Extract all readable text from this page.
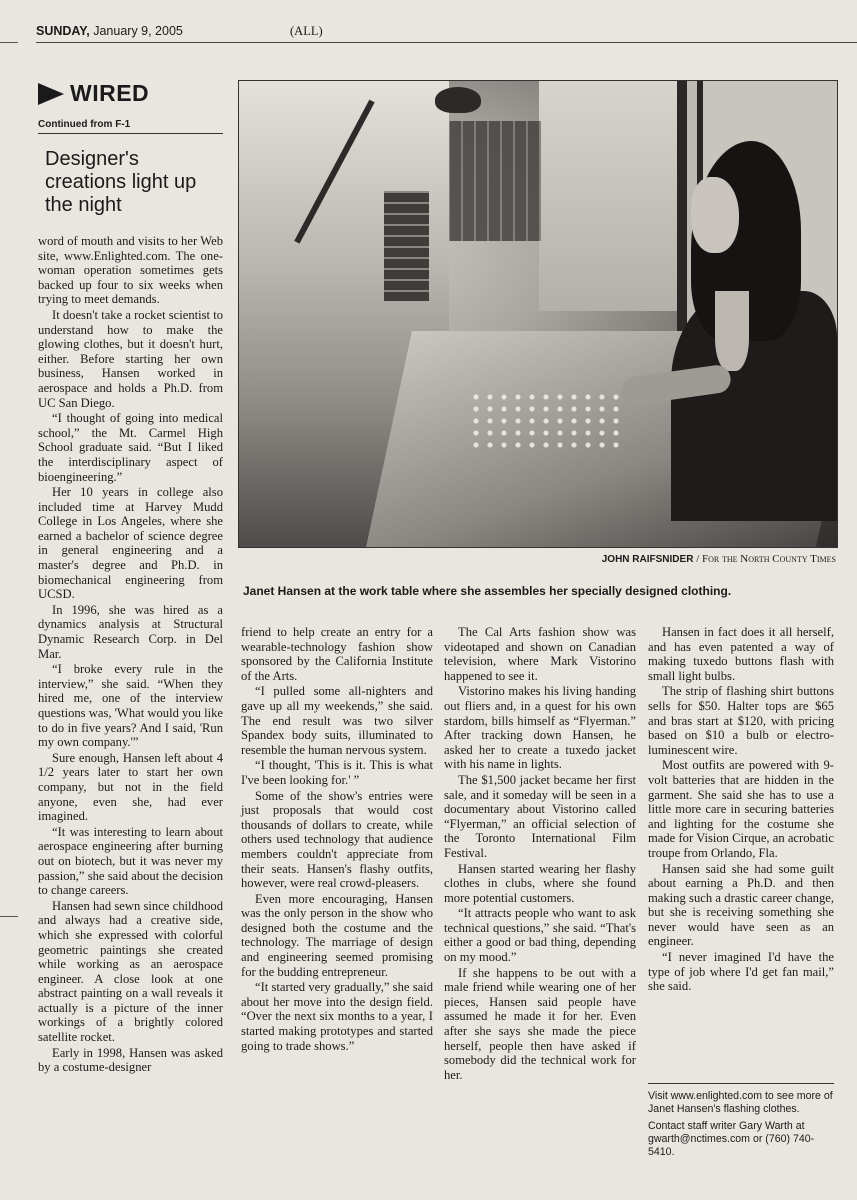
SUNDAY, January 9, 2005	(ALL)
WIRED
Continued from F-1
Designer's creations light up the night
JOHN RAIFSNIDER / For the North County Times
Janet Hansen at the work table where she assembles her specially designed clothing.

word of mouth and visits to her Web site, www.Enlighted.com. The one-woman operation sometimes gets backed up four to six weeks when trying to meet demands.

It doesn't take a rocket scientist to understand how to make the glowing clothes, but it doesn't hurt, either. Before starting her own business, Hansen worked in aerospace and holds a Ph.D. from UC San Diego.

“I thought of going into medical school,” the Mt. Carmel High School graduate said. “But I liked the interdisciplinary aspect of bioengineering.”

Her 10 years in college also included time at Harvey Mudd College in Los Angeles, where she earned a bachelor of science degree in general engineering and a master's degree and Ph.D. in biomechanical engineering from UCSD.

In 1996, she was hired as a dynamics analysis at Structural Dynamic Research Corp. in Del Mar.

“I broke every rule in the interview,” she said. “When they hired me, one of the interview questions was, 'What would you like to do in five years? And I said, 'Run my own company.'”

Sure enough, Hansen left about 4 1/2 years later to start her own company, but not in the field anyone, even she, had ever imagined.

“It was interesting to learn about aerospace engineering after burning out on biotech, but it was never my passion,” she said about the decision to change careers.

Hansen had sewn since childhood and always had a creative side, which she expressed with colorful geometric paintings she created while working as an aerospace engineer. A close look at one abstract painting on a wall reveals it actually is a picture of the inner workings of a brightly colored satellite rocket.

Early in 1998, Hansen was asked by a costume-designer

friend to help create an entry for a wearable-technology fashion show sponsored by the California Institute of the Arts.

“I pulled some all-nighters and gave up all my weekends,” she said. The end result was two silver Spandex body suits, illuminated to resemble the human nervous system.

“I thought, 'This is it. This is what I've been looking for.' ”

Some of the show's entries were just proposals that would cost thousands of dollars to create, while others used technology that audience members couldn't appreciate from their seats. Hansen's flashy outfits, however, were real crowd-pleasers.

Even more encouraging, Hansen was the only person in the show who designed both the costume and the technology. The marriage of design and engineering seemed promising for the budding entrepreneur.

“It started very gradually,” she said about her move into the design field. “Over the next six months to a year, I started making prototypes and started going to trade shows.”

The Cal Arts fashion show was videotaped and shown on Canadian television, where Mark Vistorino happened to see it.

Vistorino makes his living handing out fliers and, in a quest for his own stardom, bills himself as “Flyerman.” After tracking down Hansen, he asked her to create a tuxedo jacket with his name in lights.

The $1,500 jacket became her first sale, and it someday will be seen in a documentary about Vistorino called “Flyerman,” an official selection of the Toronto International Film Festival.

Hansen started wearing her flashy clothes in clubs, where she found more potential customers.

“It attracts people who want to ask technical questions,” she said. “That's either a good or bad thing, depending on my mood.”

If she happens to be out with a male friend while wearing one of her pieces, Hansen said people have assumed he made it for her. Even after she says she made the piece herself, people then have asked if somebody did the technical work for her.

Hansen in fact does it all herself, and has even patented a way of making tuxedo buttons flash with small light bulbs.

The strip of flashing shirt buttons sells for $50. Halter tops are $65 and bras start at $120, with pricing based on $10 a bulb or electro-luminescent wire.

Most outfits are powered with 9-volt batteries that are hidden in the garment. She said she has to use a little more care in securing batteries and lighting for the costume she made for Vision Cirque, an acrobatic troupe from Orlando, Fla.

Hansen said she had some guilt about earning a Ph.D. and then making such a drastic career change, but she is receiving something she never would have seen as an engineer.

“I never imagined I'd have the type of job where I'd get fan mail,” she said.

Visit www.enlighted.com to see more of Janet Hansen's flashing clothes.

Contact staff writer Gary Warth at gwarth@nctimes.com or (760) 740-5410.
